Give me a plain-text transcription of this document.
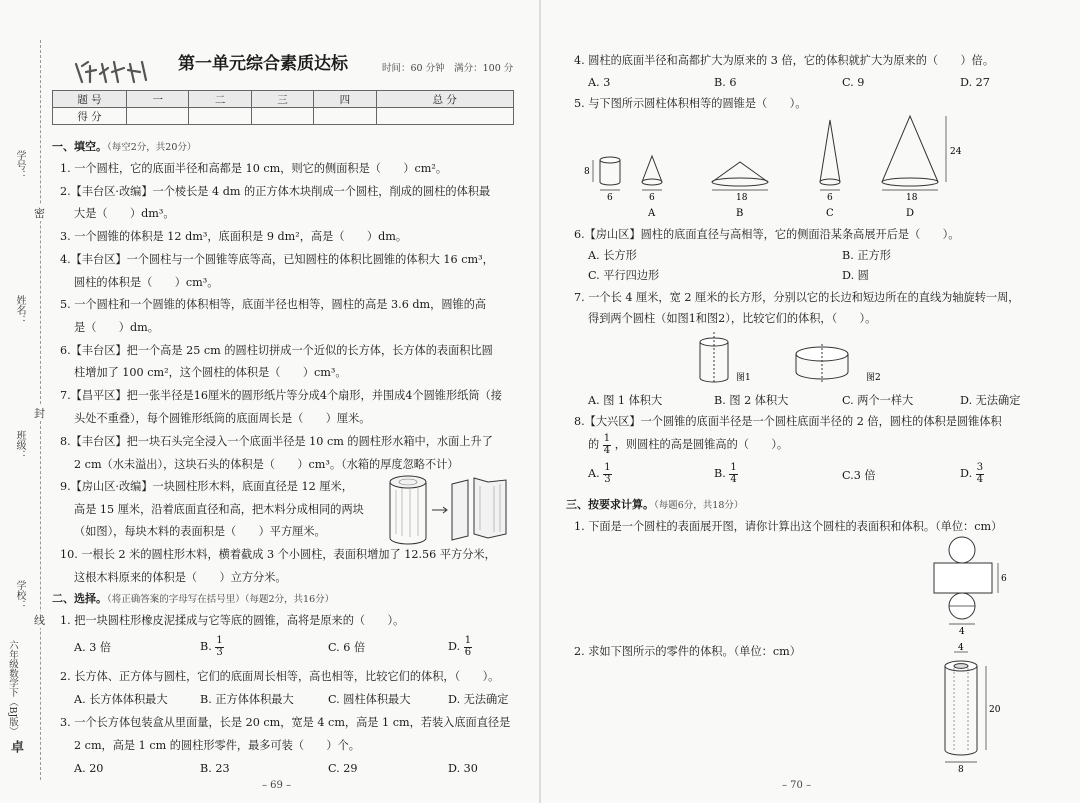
学号：
姓名：
班级：
学校：
密
封
线
六年级数学下（BJ版）
卓
第一单元综合素质达标	时间：60 分钟　满分：100 分
题 号	一	二	三	四	总 分
得 分					
一、填空。（每空2分，共20分）
1. 一个圆柱，它的底面半径和高都是 10 cm，则它的侧面积是（　　）cm²。
2.【丰台区·改编】一个棱长是 4 dm 的正方体木块削成一个圆柱，削成的圆柱的体积最
大是（　　）dm³。
3. 一个圆锥的体积是 12 dm³，底面积是 9 dm²，高是（　　）dm。
4.【丰台区】一个圆柱与一个圆锥等底等高，已知圆柱的体积比圆锥的体积大 16 cm³，
圆柱的体积是（　　）cm³。
5. 一个圆柱和一个圆锥的体积相等，底面半径也相等，圆柱的高是 3.6 dm，圆锥的高
是（　　）dm。
6.【丰台区】把一个高是 25 cm 的圆柱切拼成一个近似的长方体，长方体的表面积比圆
柱增加了 100 cm²，这个圆柱的体积是（　　）cm³。
7.【昌平区】把一张半径是16厘米的圆形纸片等分成4个扇形，并围成4个圆锥形纸筒（接
头处不重叠），每个圆锥形纸筒的底面周长是（　　）厘米。
8.【丰台区】把一块石头完全浸入一个底面半径是 10 cm 的圆柱形水箱中，水面上升了
2 cm（水未溢出），这块石头的体积是（　　）cm³。（水箱的厚度忽略不计）
9.【房山区·改编】一块圆柱形木料，底面直径是 12 厘米，
高是 15 厘米，沿着底面直径和高，把木料分成相同的两块
（如图），每块木料的表面积是（　　）平方厘米。
10. 一根长 2 米的圆柱形木料，横着截成 3 个小圆柱，表面积增加了 12.56 平方分米，
这根木料原来的体积是（　　）立方分米。
二、选择。（将正确答案的字母写在括号里）（每题2分，共16分）
1. 把一块圆柱形橡皮泥揉成与它等底的圆锥，高将是原来的（　　）。
A. 3 倍	B. $\frac{1}{3}$	C. 6 倍	D. $\frac{1}{6}$
2. 长方体、正方体与圆柱，它们的底面周长相等，高也相等，比较它们的体积，（　　）。
A. 长方体体积最大	B. 正方体体积最大	C. 圆柱体积最大	D. 无法确定
3. 一个长方体包装盒从里面量，长是 20 cm，宽是 4 cm，高是 1 cm，若装入底面直径是
2 cm，高是 1 cm 的圆柱形零件，最多可装（　　）个。
A. 20	B. 23	C. 29	D. 30
– 69 –
4. 圆柱的底面半径和高都扩大为原来的 3 倍，它的体积就扩大为原来的（　　）倍。
A. 3	B. 6	C. 9	D. 27
5. 与下图所示圆柱体积相等的圆锥是（　　）。
8
6	6	18	6	18
24
A	B	C	D
6.【房山区】圆柱的底面直径与高相等，它的侧面沿某条高展开后是（　　）。
A. 长方形	B. 正方形
C. 平行四边形	D. 圆
7. 一个长 4 厘米，宽 2 厘米的长方形，分别以它的长边和短边所在的直线为轴旋转一周，
得到两个圆柱（如图1和图2），比较它们的体积，（　　）。
图1	图2
A. 图 1 体积大	B. 图 2 体积大	C. 两个一样大	D. 无法确定
8.【大兴区】一个圆锥的底面半径是一个圆柱底面半径的 2 倍，圆柱的体积是圆锥体积
的 $\frac{1}{4}$ ，则圆柱的高是圆锥高的（　　）。
A. $\frac{1}{3}$	B. $\frac{1}{4}$	C.3 倍	D. $\frac{3}{4}$
三、按要求计算。（每题6分，共18分）
1. 下面是一个圆柱的表面展开图，请你计算出这个圆柱的表面积和体积。（单位：cm）
6
4
2. 求如下图所示的零件的体积。（单位：cm）	4
20
8
– 70 –
